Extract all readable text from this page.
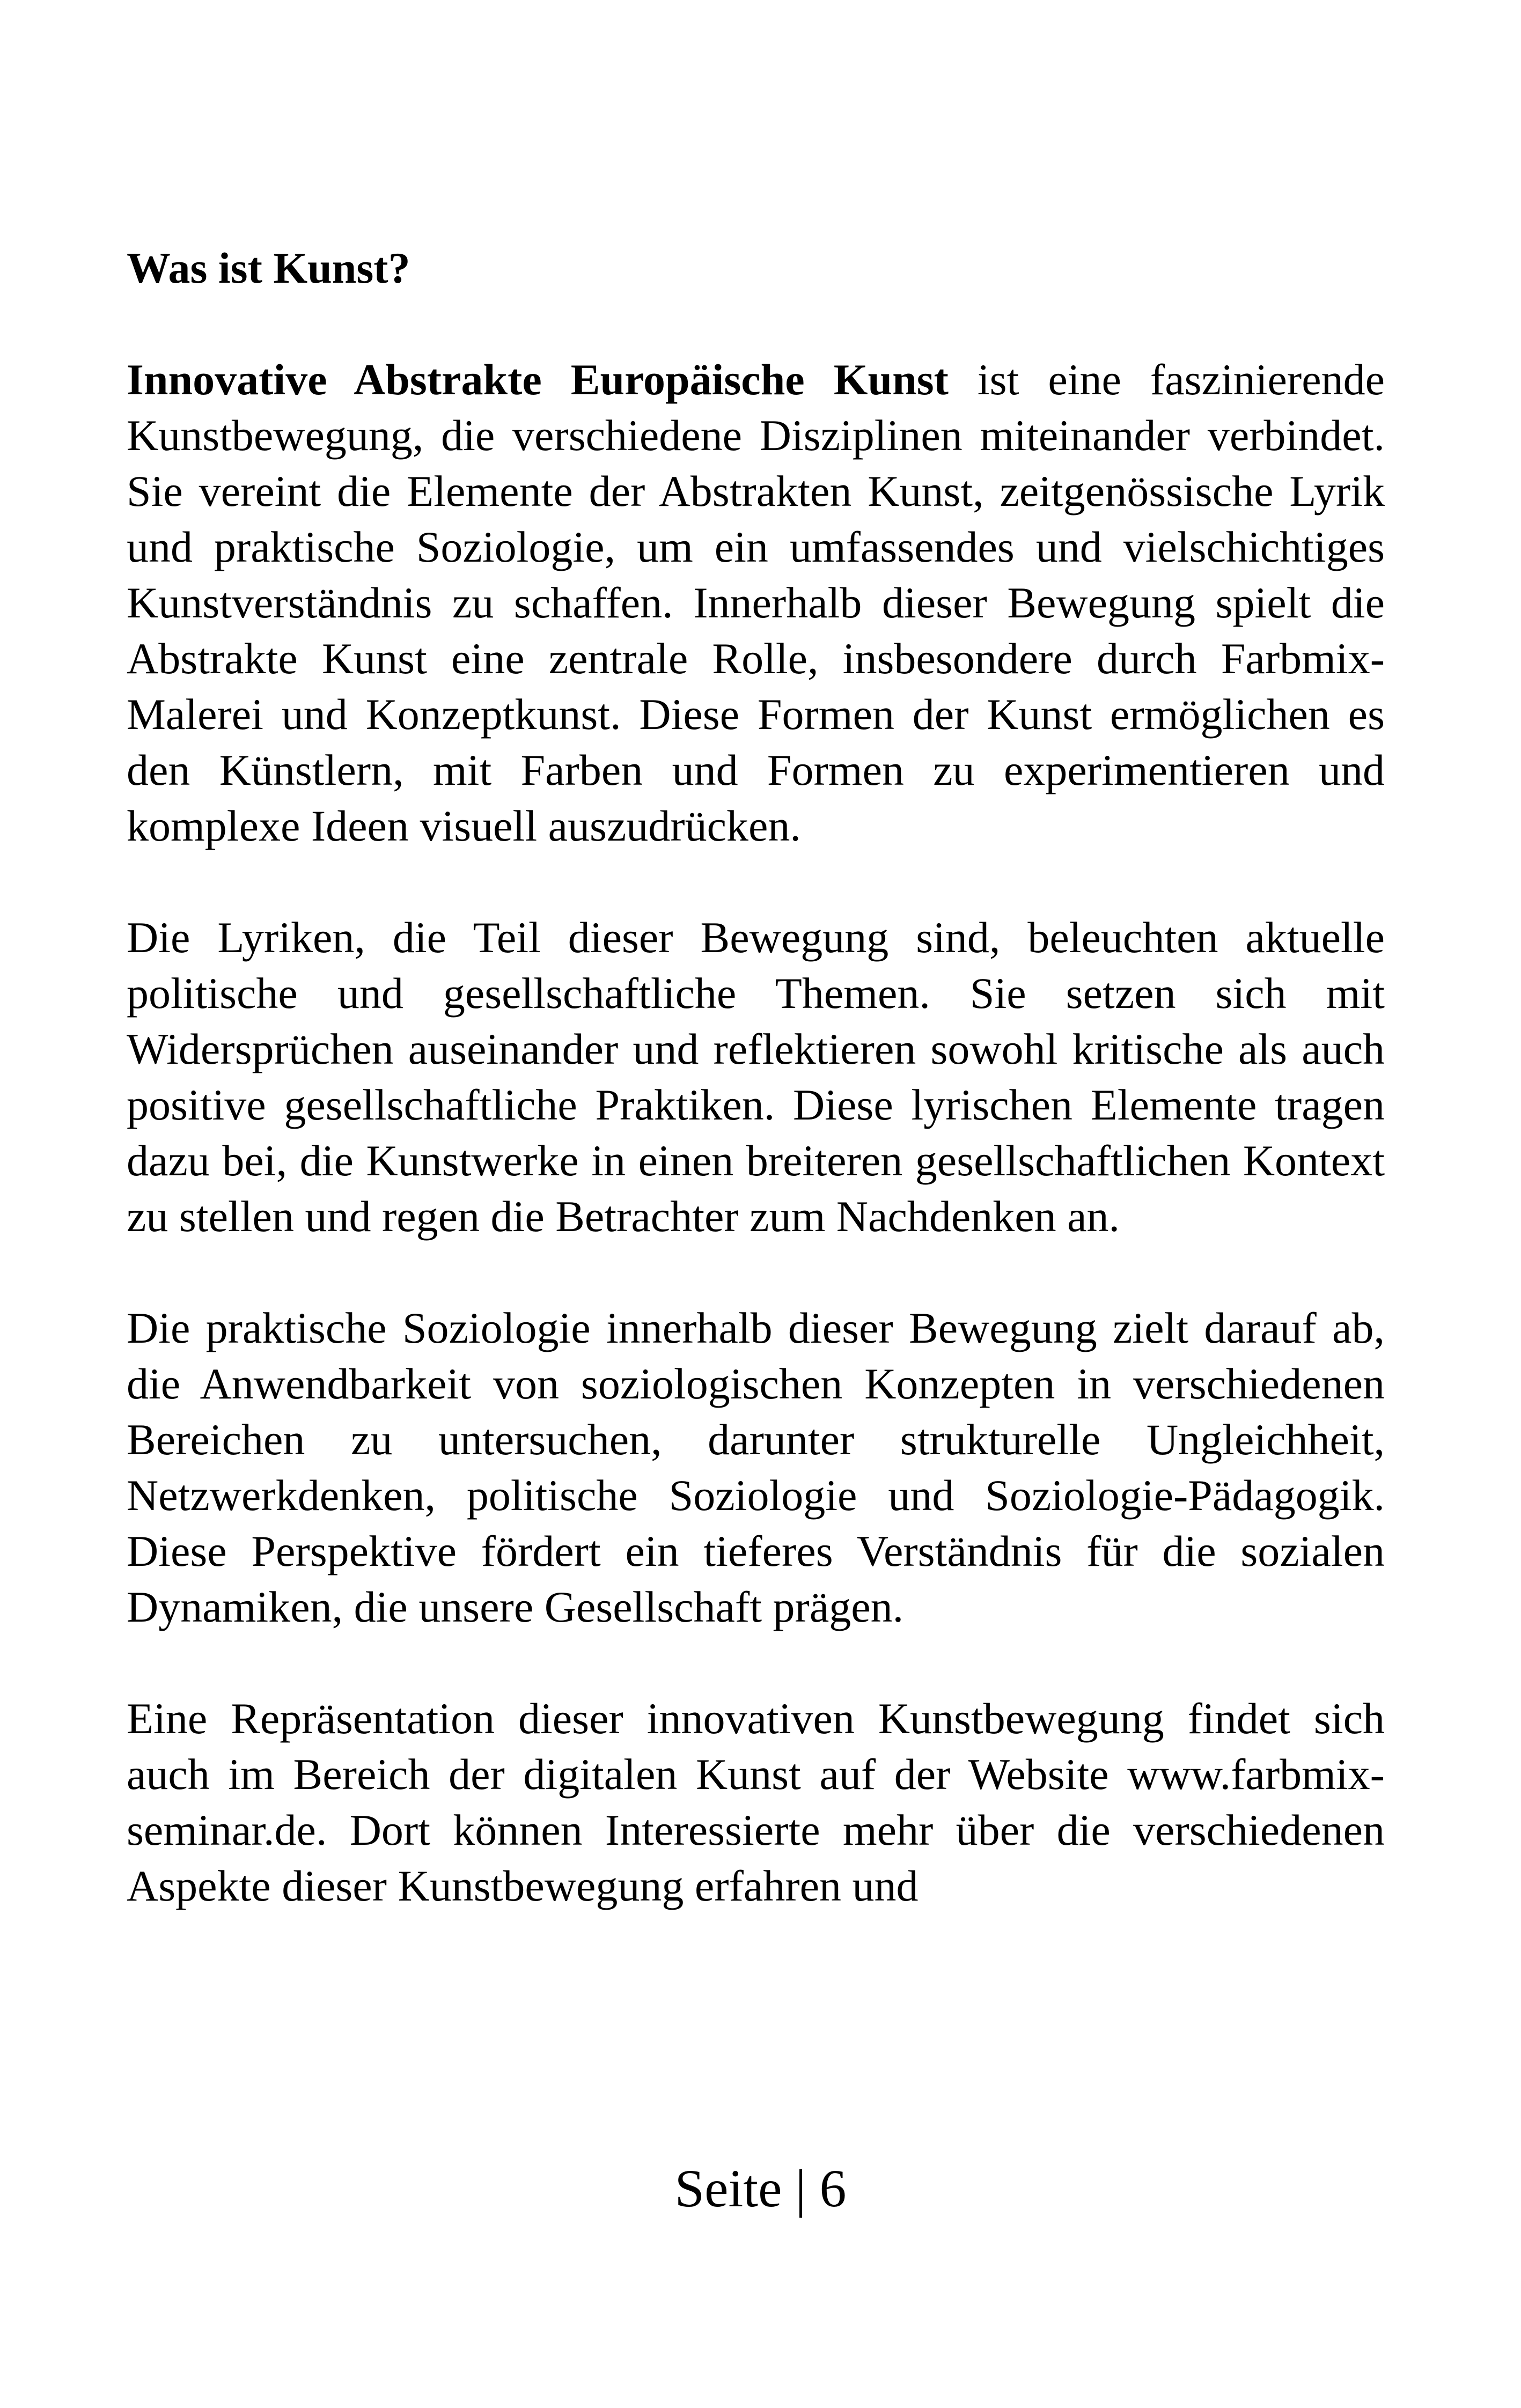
Was ist Kunst?

Innovative Abstrakte Europäische Kunst ist eine faszinierende Kunstbewegung, die verschiedene Disziplinen miteinander verbindet. Sie vereint die Elemente der Abstrakten Kunst, zeitgenössische Lyrik und praktische Soziologie, um ein umfassendes und vielschichtiges Kunstverständnis zu schaffen. Innerhalb dieser Bewegung spielt die Abstrakte Kunst eine zentrale Rolle, insbesondere durch Farbmix-Malerei und Konzeptkunst. Diese Formen der Kunst ermöglichen es den Künstlern, mit Farben und Formen zu experimentieren und komplexe Ideen visuell auszudrücken.

Die Lyriken, die Teil dieser Bewegung sind, beleuchten aktuelle politische und gesellschaftliche Themen. Sie setzen sich mit Widersprüchen auseinander und reflektieren sowohl kritische als auch positive gesellschaftliche Praktiken. Diese lyrischen Elemente tragen dazu bei, die Kunstwerke in einen breiteren gesellschaftlichen Kontext zu stellen und regen die Betrachter zum Nachdenken an.

Die praktische Soziologie innerhalb dieser Bewegung zielt darauf ab, die Anwendbarkeit von soziologischen Konzepten in verschiedenen Bereichen zu untersuchen, darunter strukturelle Ungleichheit, Netzwerkdenken, politische Soziologie und Soziologie-Pädagogik. Diese Perspektive fördert ein tieferes Verständnis für die sozialen Dynamiken, die unsere Gesellschaft prägen.

Eine Repräsentation dieser innovativen Kunstbewegung findet sich auch im Bereich der digitalen Kunst auf der Website www.farbmix-seminar.de. Dort können Interessierte mehr über die verschiedenen Aspekte dieser Kunstbewegung erfahren und

Seite | 6
